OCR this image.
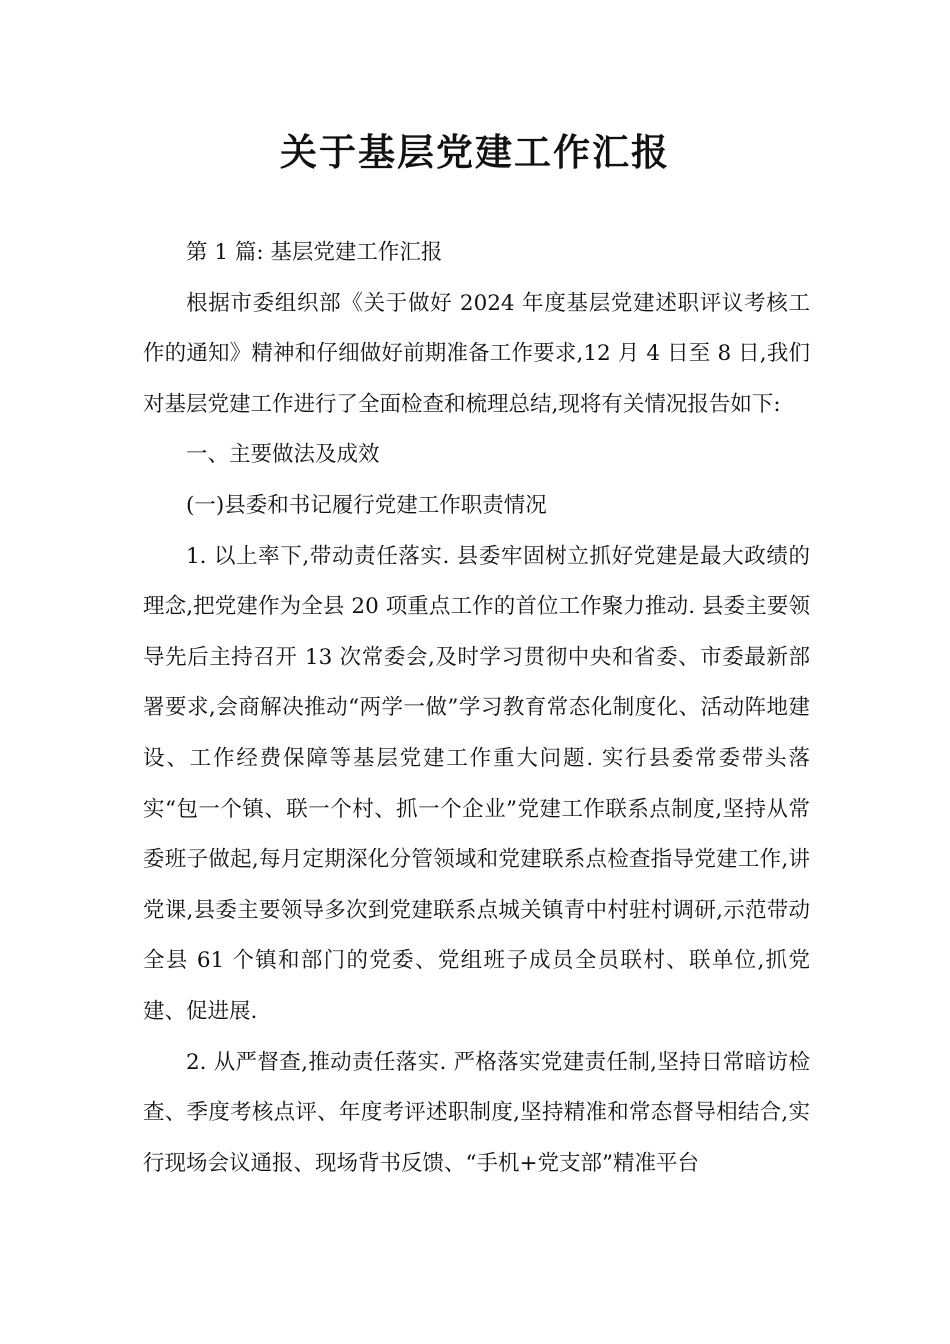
关于基层党建工作汇报

第 1 篇: 基层党建工作汇报

根据市委组织部《关于做好 2024 年度基层党建述职评议考核工作的通知》精神和仔细做好前期准备工作要求,12 月 4 日至 8 日,我们对基层党建工作进行了全面检查和梳理总结,现将有关情况报告如下:

一、主要做法及成效

(一)县委和书记履行党建工作职责情况

1. 以上率下,带动责任落实. 县委牢固树立抓好党建是最大政绩的理念,把党建作为全县 20 项重点工作的首位工作聚力推动. 县委主要领导先后主持召开 13 次常委会,及时学习贯彻中央和省委、市委最新部署要求,会商解决推动“两学一做”学习教育常态化制度化、活动阵地建设、工作经费保障等基层党建工作重大问题. 实行县委常委带头落实“包一个镇、联一个村、抓一个企业”党建工作联系点制度,坚持从常委班子做起,每月定期深化分管领域和党建联系点检查指导党建工作,讲党课,县委主要领导多次到党建联系点城关镇青中村驻村调研,示范带动全县 61 个镇和部门的党委、党组班子成员全员联村、联单位,抓党建、促进展.

2. 从严督查,推动责任落实. 严格落实党建责任制,坚持日常暗访检查、季度考核点评、年度考评述职制度,坚持精准和常态督导相结合,实行现场会议通报、现场背书反馈、“手机+党支部”精准平台
